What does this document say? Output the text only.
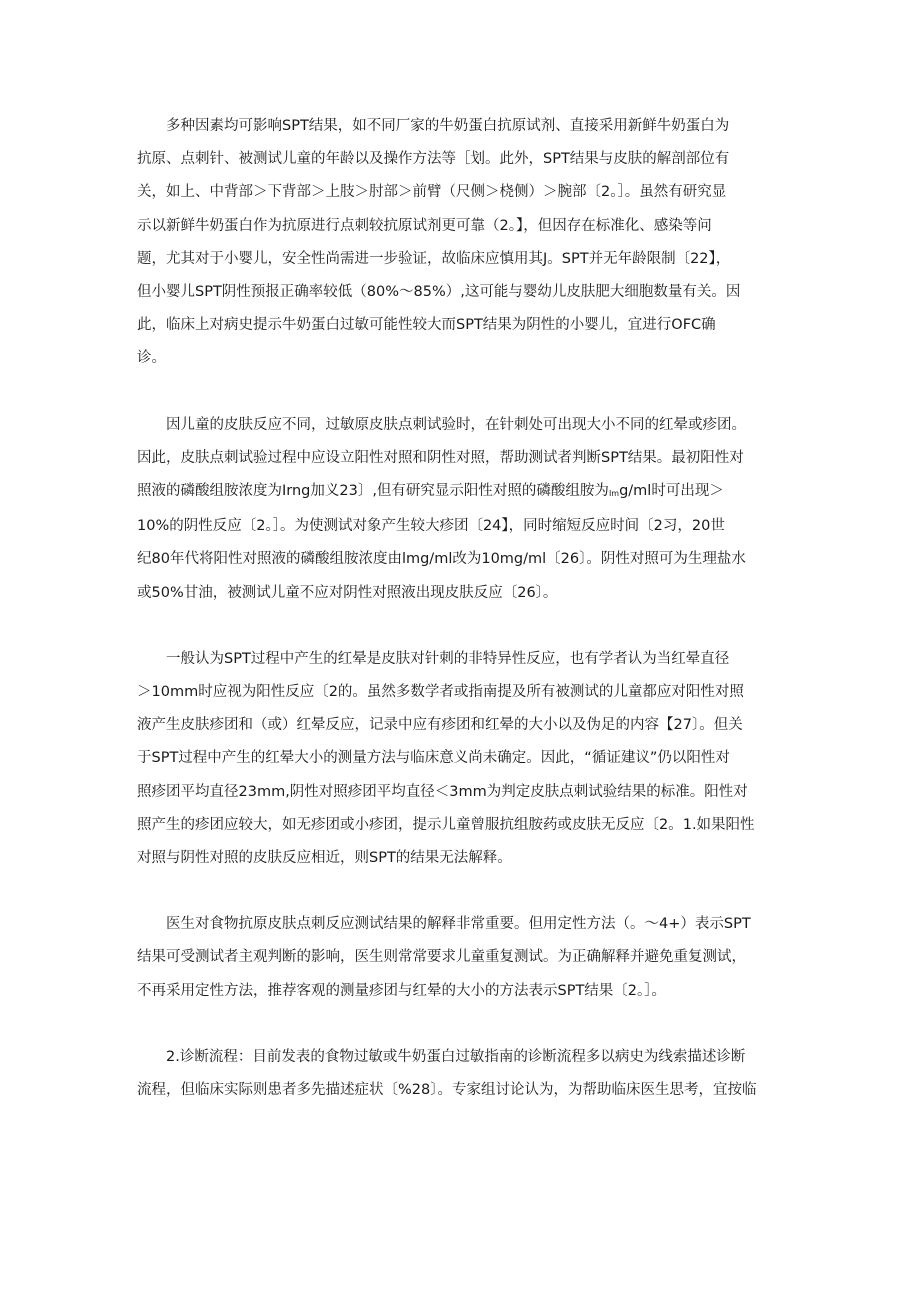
多种因素均可影响SPT结果，如不同厂家的牛奶蛋白抗原试剂、直接采用新鲜牛奶蛋白为
抗原、点刺针、被测试儿童的年龄以及操作方法等［划。此外，SPT结果与皮肤的解剖部位有
关，如上、中背部＞下背部＞上肢＞肘部＞前臂（尺侧＞桡侧）＞腕部〔2。］。虽然有研究显
示以新鲜牛奶蛋白作为抗原进行点刺较抗原试剂更可靠（2。】，但因存在标准化、感染等问
题，尤其对于小婴儿，安全性尚需进一步验证，故临床应慎用其J。SPT并无年龄限制〔22】，
但小婴儿SPT阴性预报正确率较低（80%～85%）,这可能与婴幼儿皮肤肥大细胞数量有关。因
此，临床上对病史提示牛奶蛋白过敏可能性较大而SPT结果为阴性的小婴儿，宜进行OFC确
诊。

因儿童的皮肤反应不同，过敏原皮肤点刺试验时，在针刺处可出现大小不同的红晕或疹团。
因此，皮肤点刺试验过程中应设立阳性对照和阴性对照，帮助测试者判断SPT结果。最初阳性对
照液的磷酸组胺浓度为Irng加义23〕,但有研究显示阳性对照的磷酸组胺为Img/ml时可出现＞
10%的阴性反应〔2。］。为使测试对象产生较大疹团〔24】，同时缩短反应时间〔2习，20世
纪80年代将阳性对照液的磷酸组胺浓度由lmg/ml改为10mg/ml〔26〕。阴性对照可为生理盐水
或50%甘油，被测试儿童不应对阴性对照液出现皮肤反应〔26〕。

一般认为SPT过程中产生的红晕是皮肤对针刺的非特异性反应，也有学者认为当红晕直径
＞10mm时应视为阳性反应〔2的。虽然多数学者或指南提及所有被测试的儿童都应对阳性对照
液产生皮肤疹团和（或）红晕反应，记录中应有疹团和红晕的大小以及伪足的内容【27〕。但关
于SPT过程中产生的红晕大小的测量方法与临床意义尚未确定。因此，“循证建议”仍以阳性对
照疹团平均直径23mm,阴性对照疹团平均直径＜3mm为判定皮肤点刺试验结果的标准。阳性对
照产生的疹团应较大，如无疹团或小疹团，提示儿童曾服抗组胺药或皮肤无反应〔2。1.如果阳性
对照与阴性对照的皮肤反应相近，则SPT的结果无法解释。

医生对食物抗原皮肤点刺反应测试结果的解释非常重要。但用定性方法（。～4+）表示SPT
结果可受测试者主观判断的影响，医生则常常要求儿童重复测试。为正确解释并避免重复测试，
不再采用定性方法，推荐客观的测量疹团与红晕的大小的方法表示SPT结果〔2。］。

2.诊断流程：目前发表的食物过敏或牛奶蛋白过敏指南的诊断流程多以病史为线索描述诊断
流程，但临床实际则患者多先描述症状〔%28〕。专家组讨论认为，为帮助临床医生思考，宜按临
